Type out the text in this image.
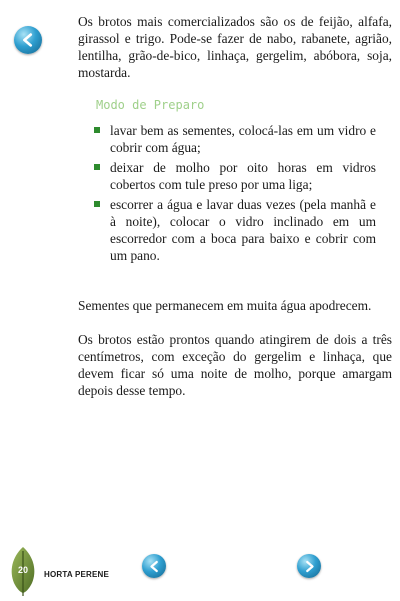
Os brotos mais comercializados são os de feijão, alfafa, girassol e trigo. Pode-se fazer de nabo, rabanete, agrião, lentilha, grão-de-bico, linhaça, gergelim, abóbora, soja, mostarda.

Modo de Preparo

lavar bem as sementes, colocá-las em um vidro e cobrir com água;
deixar de molho por oito horas em vidros cobertos com tule preso por uma liga;
escorrer a água e lavar duas vezes (pela manhã e à noite), colocar o vidro inclinado em um escorredor com a boca para baixo e cobrir com um pano.

Sementes que permanecem em muita água apodrecem.

Os brotos estão prontos quando atingirem de dois a três centímetros, com exceção do gergelim e linhaça, que devem ficar só uma noite de molho, porque amargam depois desse tempo.

20	HORTA PERENE
